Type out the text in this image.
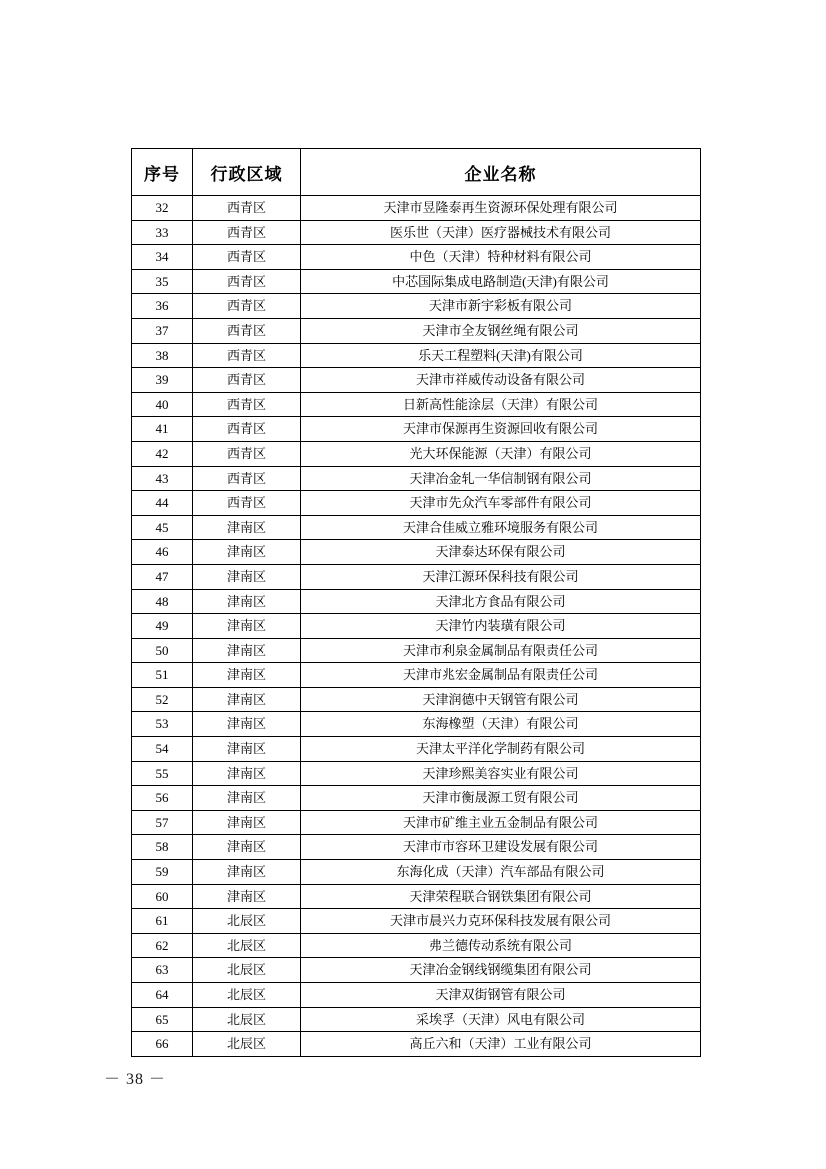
序号	行政区域	企业名称
32	西青区	天津市昱隆泰再生资源环保处理有限公司
33	西青区	医乐世（天津）医疗器械技术有限公司
34	西青区	中色（天津）特种材料有限公司
35	西青区	中芯国际集成电路制造(天津)有限公司
36	西青区	天津市新宇彩板有限公司
37	西青区	天津市全友钢丝绳有限公司
38	西青区	乐天工程塑料(天津)有限公司
39	西青区	天津市祥威传动设备有限公司
40	西青区	日新高性能涂层（天津）有限公司
41	西青区	天津市保源再生资源回收有限公司
42	西青区	光大环保能源（天津）有限公司
43	西青区	天津冶金轧一华信制钢有限公司
44	西青区	天津市先众汽车零部件有限公司
45	津南区	天津合佳威立雅环境服务有限公司
46	津南区	天津泰达环保有限公司
47	津南区	天津江源环保科技有限公司
48	津南区	天津北方食品有限公司
49	津南区	天津竹内装璜有限公司
50	津南区	天津市利泉金属制品有限责任公司
51	津南区	天津市兆宏金属制品有限责任公司
52	津南区	天津润德中天钢管有限公司
53	津南区	东海橡塑（天津）有限公司
54	津南区	天津太平洋化学制药有限公司
55	津南区	天津珍熙美容实业有限公司
56	津南区	天津市衡晟源工贸有限公司
57	津南区	天津市矿维主业五金制品有限公司
58	津南区	天津市市容环卫建设发展有限公司
59	津南区	东海化成（天津）汽车部品有限公司
60	津南区	天津荣程联合钢铁集团有限公司
61	北辰区	天津市晨兴力克环保科技发展有限公司
62	北辰区	弗兰德传动系统有限公司
63	北辰区	天津冶金钢线钢缆集团有限公司
64	北辰区	天津双街钢管有限公司
65	北辰区	采埃孚（天津）风电有限公司
66	北辰区	高丘六和（天津）工业有限公司
－ 38 －
